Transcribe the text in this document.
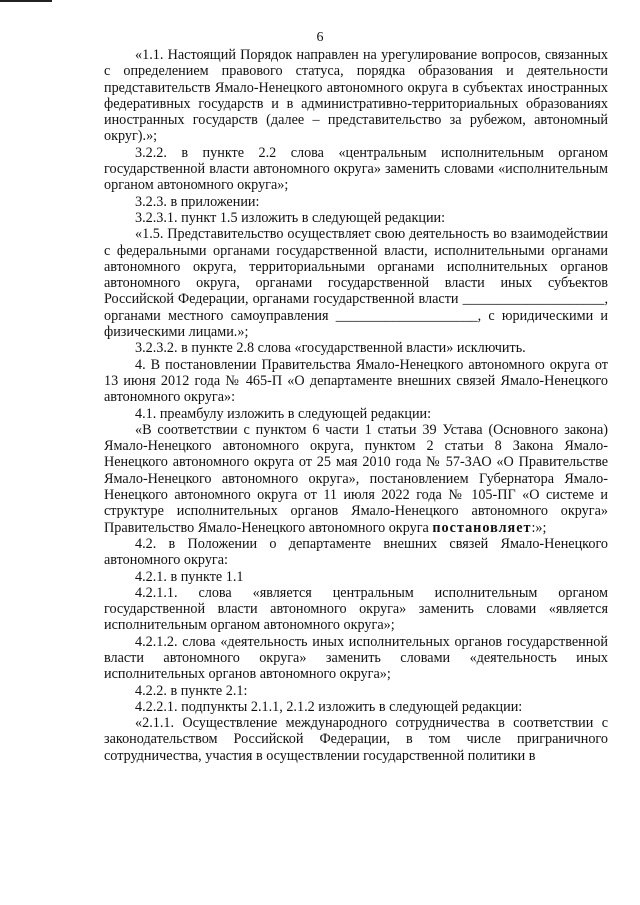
6

«1.1. Настоящий Порядок направлен на урегулирование вопросов, связанных с определением правового статуса, порядка образования и деятельности представительств Ямало-Ненецкого автономного округа в субъектах иностранных федеративных государств и в административно-территориальных образованиях иностранных государств (далее – представительство за рубежом, автономный округ).»;

3.2.2. в пункте 2.2 слова «центральным исполнительным органом государственной власти автономного округа» заменить словами «исполнительным органом автономного округа»;

3.2.3. в приложении:

3.2.3.1. пункт 1.5 изложить в следующей редакции:

«1.5. Представительство осуществляет свою деятельность во взаимодействии с федеральными органами государственной власти, исполнительными органами автономного округа, территориальными органами исполнительных органов автономного округа, органами государственной власти иных субъектов Российской Федерации, органами государственной власти ____________________, органами местного самоуправления ____________________, с юридическими и физическими лицами.»;

3.2.3.2. в пункте 2.8 слова «государственной власти» исключить.

4. В постановлении Правительства Ямало-Ненецкого автономного округа от 13 июня 2012 года № 465-П «О департаменте внешних связей Ямало-Ненецкого автономного округа»:

4.1. преамбулу изложить в следующей редакции:

«В соответствии с пунктом 6 части 1 статьи 39 Устава (Основного закона) Ямало-Ненецкого автономного округа, пунктом 2 статьи 8 Закона Ямало-Ненецкого автономного округа от 25 мая 2010 года № 57-ЗАО «О Правительстве Ямало-Ненецкого автономного округа», постановлением Губернатора Ямало-Ненецкого автономного округа от 11 июля 2022 года № 105-ПГ «О системе и структуре исполнительных органов Ямало-Ненецкого автономного округа» Правительство Ямало-Ненецкого автономного округа постановляет:»;

4.2. в Положении о департаменте внешних связей Ямало-Ненецкого автономного округа:

4.2.1. в пункте 1.1

4.2.1.1. слова «является центральным исполнительным органом государственной власти автономного округа» заменить словами «является исполнительным органом автономного округа»;

4.2.1.2. слова «деятельность иных исполнительных органов государственной власти автономного округа» заменить словами «деятельность иных исполнительных органов автономного округа»;

4.2.2. в пункте 2.1:

4.2.2.1. подпункты 2.1.1, 2.1.2 изложить в следующей редакции:

«2.1.1. Осуществление международного сотрудничества в соответствии с законодательством Российской Федерации, в том числе приграничного сотрудничества, участия в осуществлении государственной политики в
